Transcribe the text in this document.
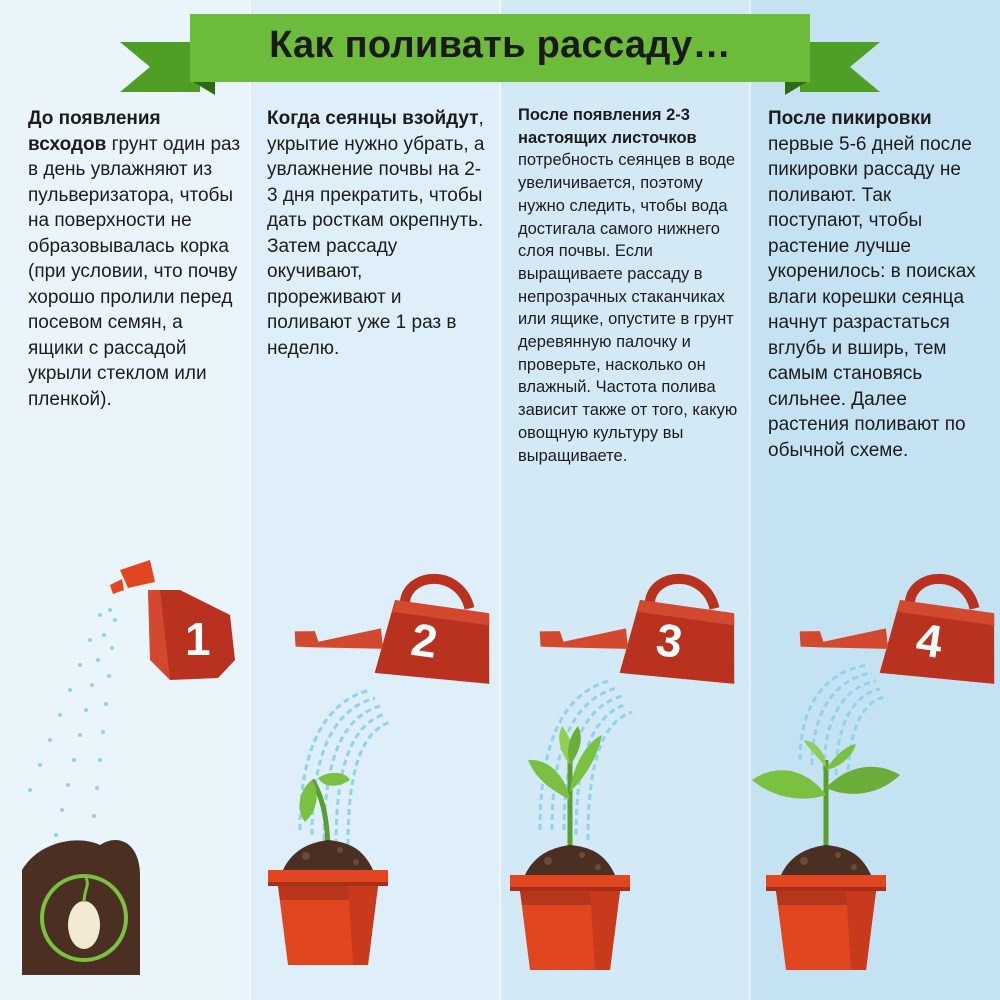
Как поливать рассаду…
До появления всходов грунт один раз в день увлажняют из пульверизатора, чтобы на поверхности не образовывалась корка (при условии, что почву хорошо пролили перед посевом семян, а ящики с рассадой укрыли стеклом или пленкой).
Когда сеянцы взойдут, укрытие нужно убрать, а увлажнение почвы на 2-3 дня прекратить, чтобы дать росткам окрепнуть. Затем рассаду окучивают, прореживают и поливают уже 1 раз в неделю.
После появления 2-3 настоящих листочков потребность сеянцев в воде увеличивается, поэтому нужно следить, чтобы вода достигала самого нижнего слоя почвы. Если выращиваете рассаду в непрозрачных стаканчиках или ящике, опустите в грунт деревянную палочку и проверьте, насколько он влажный. Частота полива зависит также от того, какую овощную культуру вы выращиваете.
После пикировки первые 5-6 дней после пикировки рассаду не поливают. Так поступают, чтобы растение лучше укоренилось: в поисках влаги корешки сеянца начнут разрастаться вглубь и вширь, тем самым становясь сильнее. Далее растения поливают по обычной схеме.
1	2	3	4
